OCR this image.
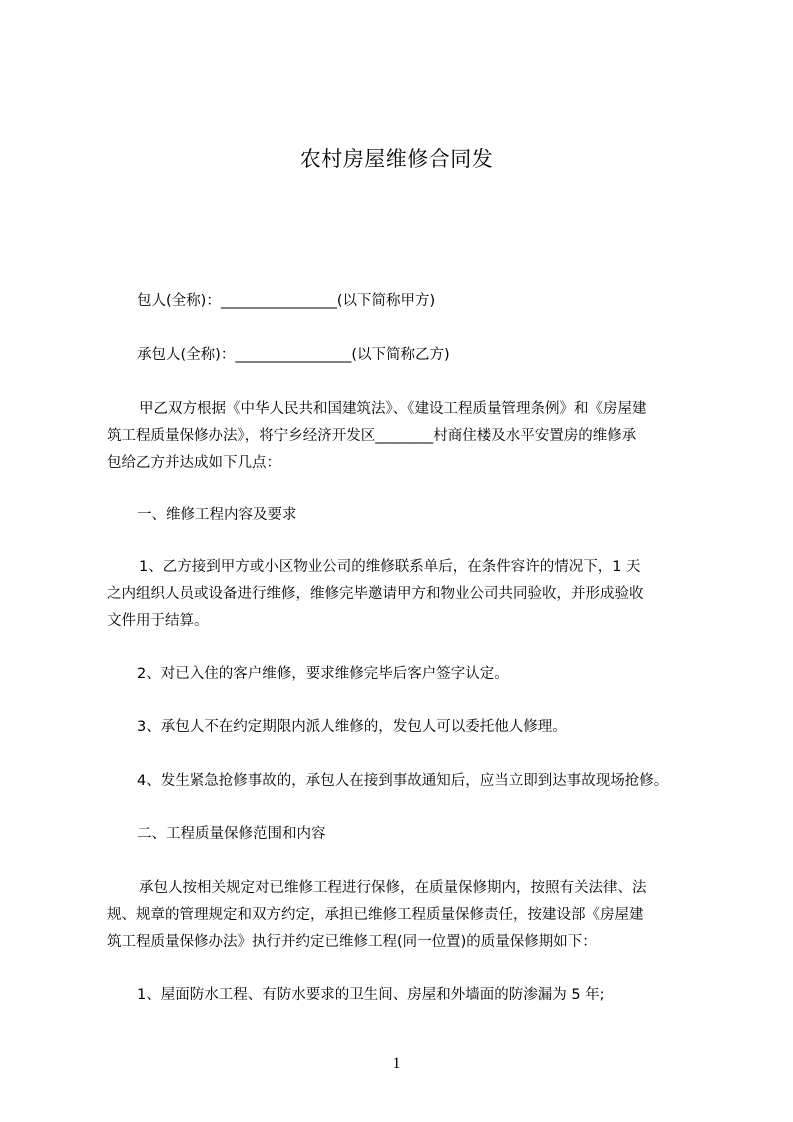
农村房屋维修合同发
包人(全称)：________________(以下简称甲方)
承包人(全称)：________________(以下简称乙方)
甲乙双方根据《中华人民共和国建筑法》、《建设工程质量管理条例》和《房屋建
筑工程质量保修办法》，将宁乡经济开发区________村商住楼及水平安置房的维修承
包给乙方并达成如下几点：
一、维修工程内容及要求
1、乙方接到甲方或小区物业公司的维修联系单后，在条件容许的情况下，1 天
之内组织人员或设备进行维修，维修完毕邀请甲方和物业公司共同验收，并形成验收
文件用于结算。
2、对已入住的客户维修，要求维修完毕后客户签字认定。
3、承包人不在约定期限内派人维修的，发包人可以委托他人修理。
4、发生紧急抢修事故的，承包人在接到事故通知后，应当立即到达事故现场抢修。
二、工程质量保修范围和内容
承包人按相关规定对已维修工程进行保修，在质量保修期内，按照有关法律、法
规、规章的管理规定和双方约定，承担已维修工程质量保修责任，按建设部《房屋建
筑工程质量保修办法》执行并约定已维修工程(同一位置)的质量保修期如下：
1、屋面防水工程、有防水要求的卫生间、房屋和外墙面的防渗漏为 5 年;
1
